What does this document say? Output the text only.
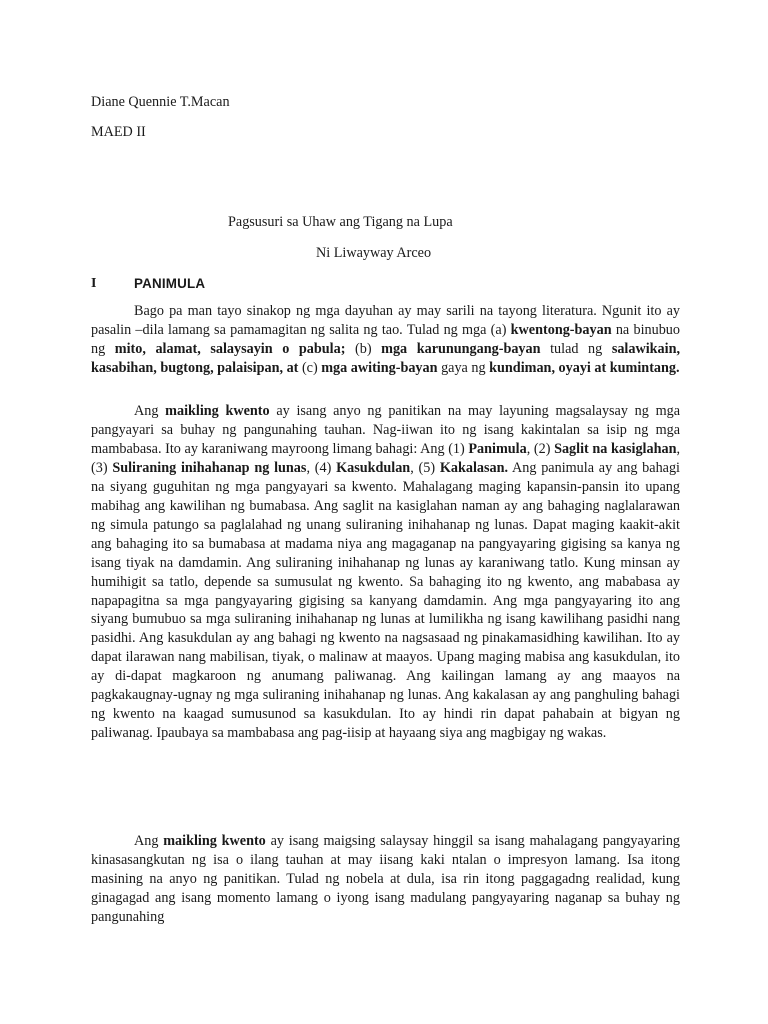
Diane Quennie T.Macan

MAED II

Pagsusuri sa Uhaw ang Tigang na Lupa

Ni Liwayway Arceo

I	PANIMULA

Bago pa man tayo sinakop ng mga dayuhan ay may sarili na tayong literatura. Ngunit ito ay pasalin –dila lamang sa pamamagitan ng salita ng tao. Tulad ng mga (a) kwentong-bayan na binubuo ng mito, alamat, salaysayin o pabula; (b) mga karunungang-bayan tulad ng salawikain, kasabihan, bugtong, palaisipan, at (c) mga awiting-bayan gaya ng kundiman, oyayi at kumintang.

Ang maikling kwento ay isang anyo ng panitikan na may layuning magsalaysay ng mga pangyayari sa buhay ng pangunahing tauhan. Nag-iiwan ito ng isang kakintalan sa isip ng mga mambabasa. Ito ay karaniwang mayroong limang bahagi: Ang (1) Panimula, (2) Saglit na kasiglahan, (3) Suliraning inihahanap ng lunas, (4) Kasukdulan, (5) Kakalasan. Ang panimula ay ang bahagi na siyang guguhitan ng mga pangyayari sa kwento. Mahalagang maging kapansin-pansin ito upang mabihag ang kawilihan ng bumabasa. Ang saglit na kasiglahan naman ay ang bahaging naglalarawan ng simula patungo sa paglalahad ng unang suliraning inihahanap ng lunas. Dapat maging kaakit-akit ang bahaging ito sa bumabasa at madama niya ang magaganap na pangyayaring gigising sa kanya ng isang tiyak na damdamin. Ang suliraning inihahanap ng lunas ay karaniwang tatlo. Kung minsan ay humihigit sa tatlo, depende sa sumusulat ng kwento. Sa bahaging ito ng kwento, ang mababasa ay napapagitna sa mga pangyayaring gigising sa kanyang damdamin. Ang mga pangyayaring ito ang siyang bumubuo sa mga suliraning inihahanap ng lunas at lumilikha ng isang kawilihang pasidhi nang pasidhi. Ang kasukdulan ay ang bahagi ng kwento na nagsasaad ng pinakamasidhing kawilihan. Ito ay dapat ilarawan nang mabilisan, tiyak, o malinaw at maayos. Upang maging mabisa ang kasukdulan, ito ay di-dapat magkaroon ng anumang paliwanag. Ang kailingan lamang ay ang maayos na pagkakaugnay-ugnay ng mga suliraning inihahanap ng lunas. Ang kakalasan ay ang panghuling bahagi ng kwento na kaagad sumusunod sa kasukdulan. Ito ay hindi rin dapat pahabain at bigyan ng paliwanag. Ipaubaya sa mambabasa ang pag-iisip at hayaang siya ang magbigay ng wakas.

Ang maikling kwento ay isang maigsing salaysay hinggil sa isang mahalagang pangyayaring kinasasangkutan ng isa o ilang tauhan at may iisang kaki ntalan o impresyon lamang. Isa itong masining na anyo ng panitikan. Tulad ng nobela at dula, isa rin itong paggagadng realidad, kung ginagagad ang isang momento lamang o iyong isang madulang pangyayaring naganap sa buhay ng pangunahing
